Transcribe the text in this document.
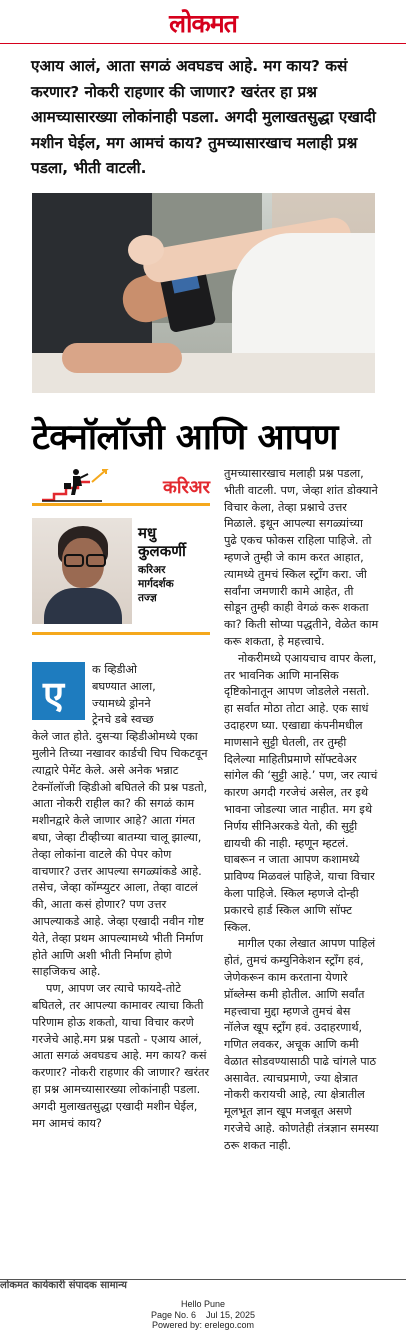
लोकमत

एआय आलं, आता सगळं अवघडच आहे. मग काय? कसं करणार? नोकरी राहणार की जाणार? खरंतर हा प्रश्न आमच्यासारख्या लोकांनाही पडला. अगदी मुलाखतसुद्धा एखादी मशीन घेईल, मग आमचं काय? तुमच्यासारखाच मलाही प्रश्न पडला, भीती वाटली.

टेक्नॉलॉजी आणि आपण
करिअर

मधु
कुलकर्णी

करिअर
मार्गदर्शक
तज्ज्ञ

ए
क व्हिडीओ
बघण्यात आला,
ज्यामध्ये ड्रोनने
ट्रेनचे डबे स्वच्छ

केले जात होते. दुसऱ्या व्हिडीओमध्ये एका मुलीने तिच्या नखावर कार्डची चिप चिकटवून त्याद्वारे पेमेंट केले. असे अनेक भन्नाट टेक्नॉलॉजी व्हिडीओ बघितले की प्रश्न पडतो, आता नोकरी राहील का? की सगळं काम मशीनद्वारे केले जाणार आहे? आता गंमत बघा, जेव्हा टीव्हीच्या बातम्या चालू झाल्या, तेव्हा लोकांना वाटले की पेपर कोण वाचणार? उत्तर आपल्या सगळ्यांकडे आहे. तसेच, जेव्हा कॉम्प्युटर आला, तेव्हा वाटलं की, आता कसं होणार? पण उत्तर आपल्याकडे आहे. जेव्हा एखादी नवीन गोष्ट येते, तेव्हा प्रथम आपल्यामध्ये भीती निर्माण होते आणि अशी भीती निर्माण होणे साहजिकच आहे.

पण, आपण जर त्याचे फायदे-तोटे बघितले, तर आपल्या कामावर त्याचा किती परिणाम होऊ शकतो, याचा विचार करणे गरजेचे आहे.मग प्रश्न पडतो - एआय आलं, आता सगळं अवघडच आहे. मग काय? कसं करणार? नोकरी राहणार की जाणार? खरंतर हा प्रश्न आमच्यासारख्या लोकांनाही पडला. अगदी मुलाखतसुद्धा एखादी मशीन घेईल, मग आमचं काय?

तुमच्यासारखाच मलाही प्रश्न पडला, भीती वाटली. पण, जेव्हा शांत डोक्याने विचार केला, तेव्हा प्रश्नाचे उत्तर मिळाले. इथून आपल्या सगळ्यांच्या पुढे एकच फोकस राहिला पाहिजे. तो म्हणजे तुम्ही जे काम करत आहात, त्यामध्ये तुमचं स्किल स्ट्राँग करा. जी सर्वांना जमणारी कामे आहेत, ती सोडून तुम्ही काही वेगळं करू शकता का? किती सोप्या पद्धतीने, वेळेत काम करू शकता, हे महत्त्वाचे.

नोकरीमध्ये एआयचाच वापर केला, तर भावनिक आणि मानसिक दृष्टिकोनातून आपण जोडलेले नसतो. हा सर्वात मोठा तोटा आहे. एक साधं उदाहरण घ्या. एखाद्या कंपनीमधील माणसाने सुट्टी घेतली, तर तुम्ही दिलेल्या माहितीप्रमाणे सॉफ्टवेअर सांगेल की ‘सुट्टी आहे.’ पण, जर त्याचं कारण अगदी गरजेचं असेल, तर इथे भावना जोडल्या जात नाहीत. मग इथे निर्णय सीनिअरकडे येतो, की सुट्टी द्यायची की नाही. म्हणून म्हटलं. घाबरून न जाता आपण कशामध्ये प्राविण्य मिळवलं पाहिजे, याचा विचार केला पाहिजे. स्किल म्हणजे दोन्ही प्रकारचे हार्ड स्किल आणि सॉफ्ट स्किल.

मागील एका लेखात आपण पाहिलं होतं, तुमचं कम्युनिकेशन स्ट्राँग हवं, जेणेकरून काम करताना येणारे प्रॉब्लेम्स कमी होतील. आणि सर्वांत महत्त्वाचा मुद्दा म्हणजे तुमचं बेस नॉलेज खूप स्ट्राँग हवं. उदाहरणार्थ, गणित लवकर, अचूक आणि कमी वेळात सोडवण्यासाठी पाढे चांगले पाठ असावेत. त्याचप्रमाणे, ज्या क्षेत्रात नोकरी करायची आहे, त्या क्षेत्रातील मूलभूत ज्ञान खूप मजबूत असणे गरजेचे आहे. कोणतेही तंत्रज्ञान समस्या ठरू शकत नाही.

लोकमत कार्यकारी संपादक सामान्य
Hello Pune
Page No. 6    Jul 15, 2025
Powered by: erelego.com
